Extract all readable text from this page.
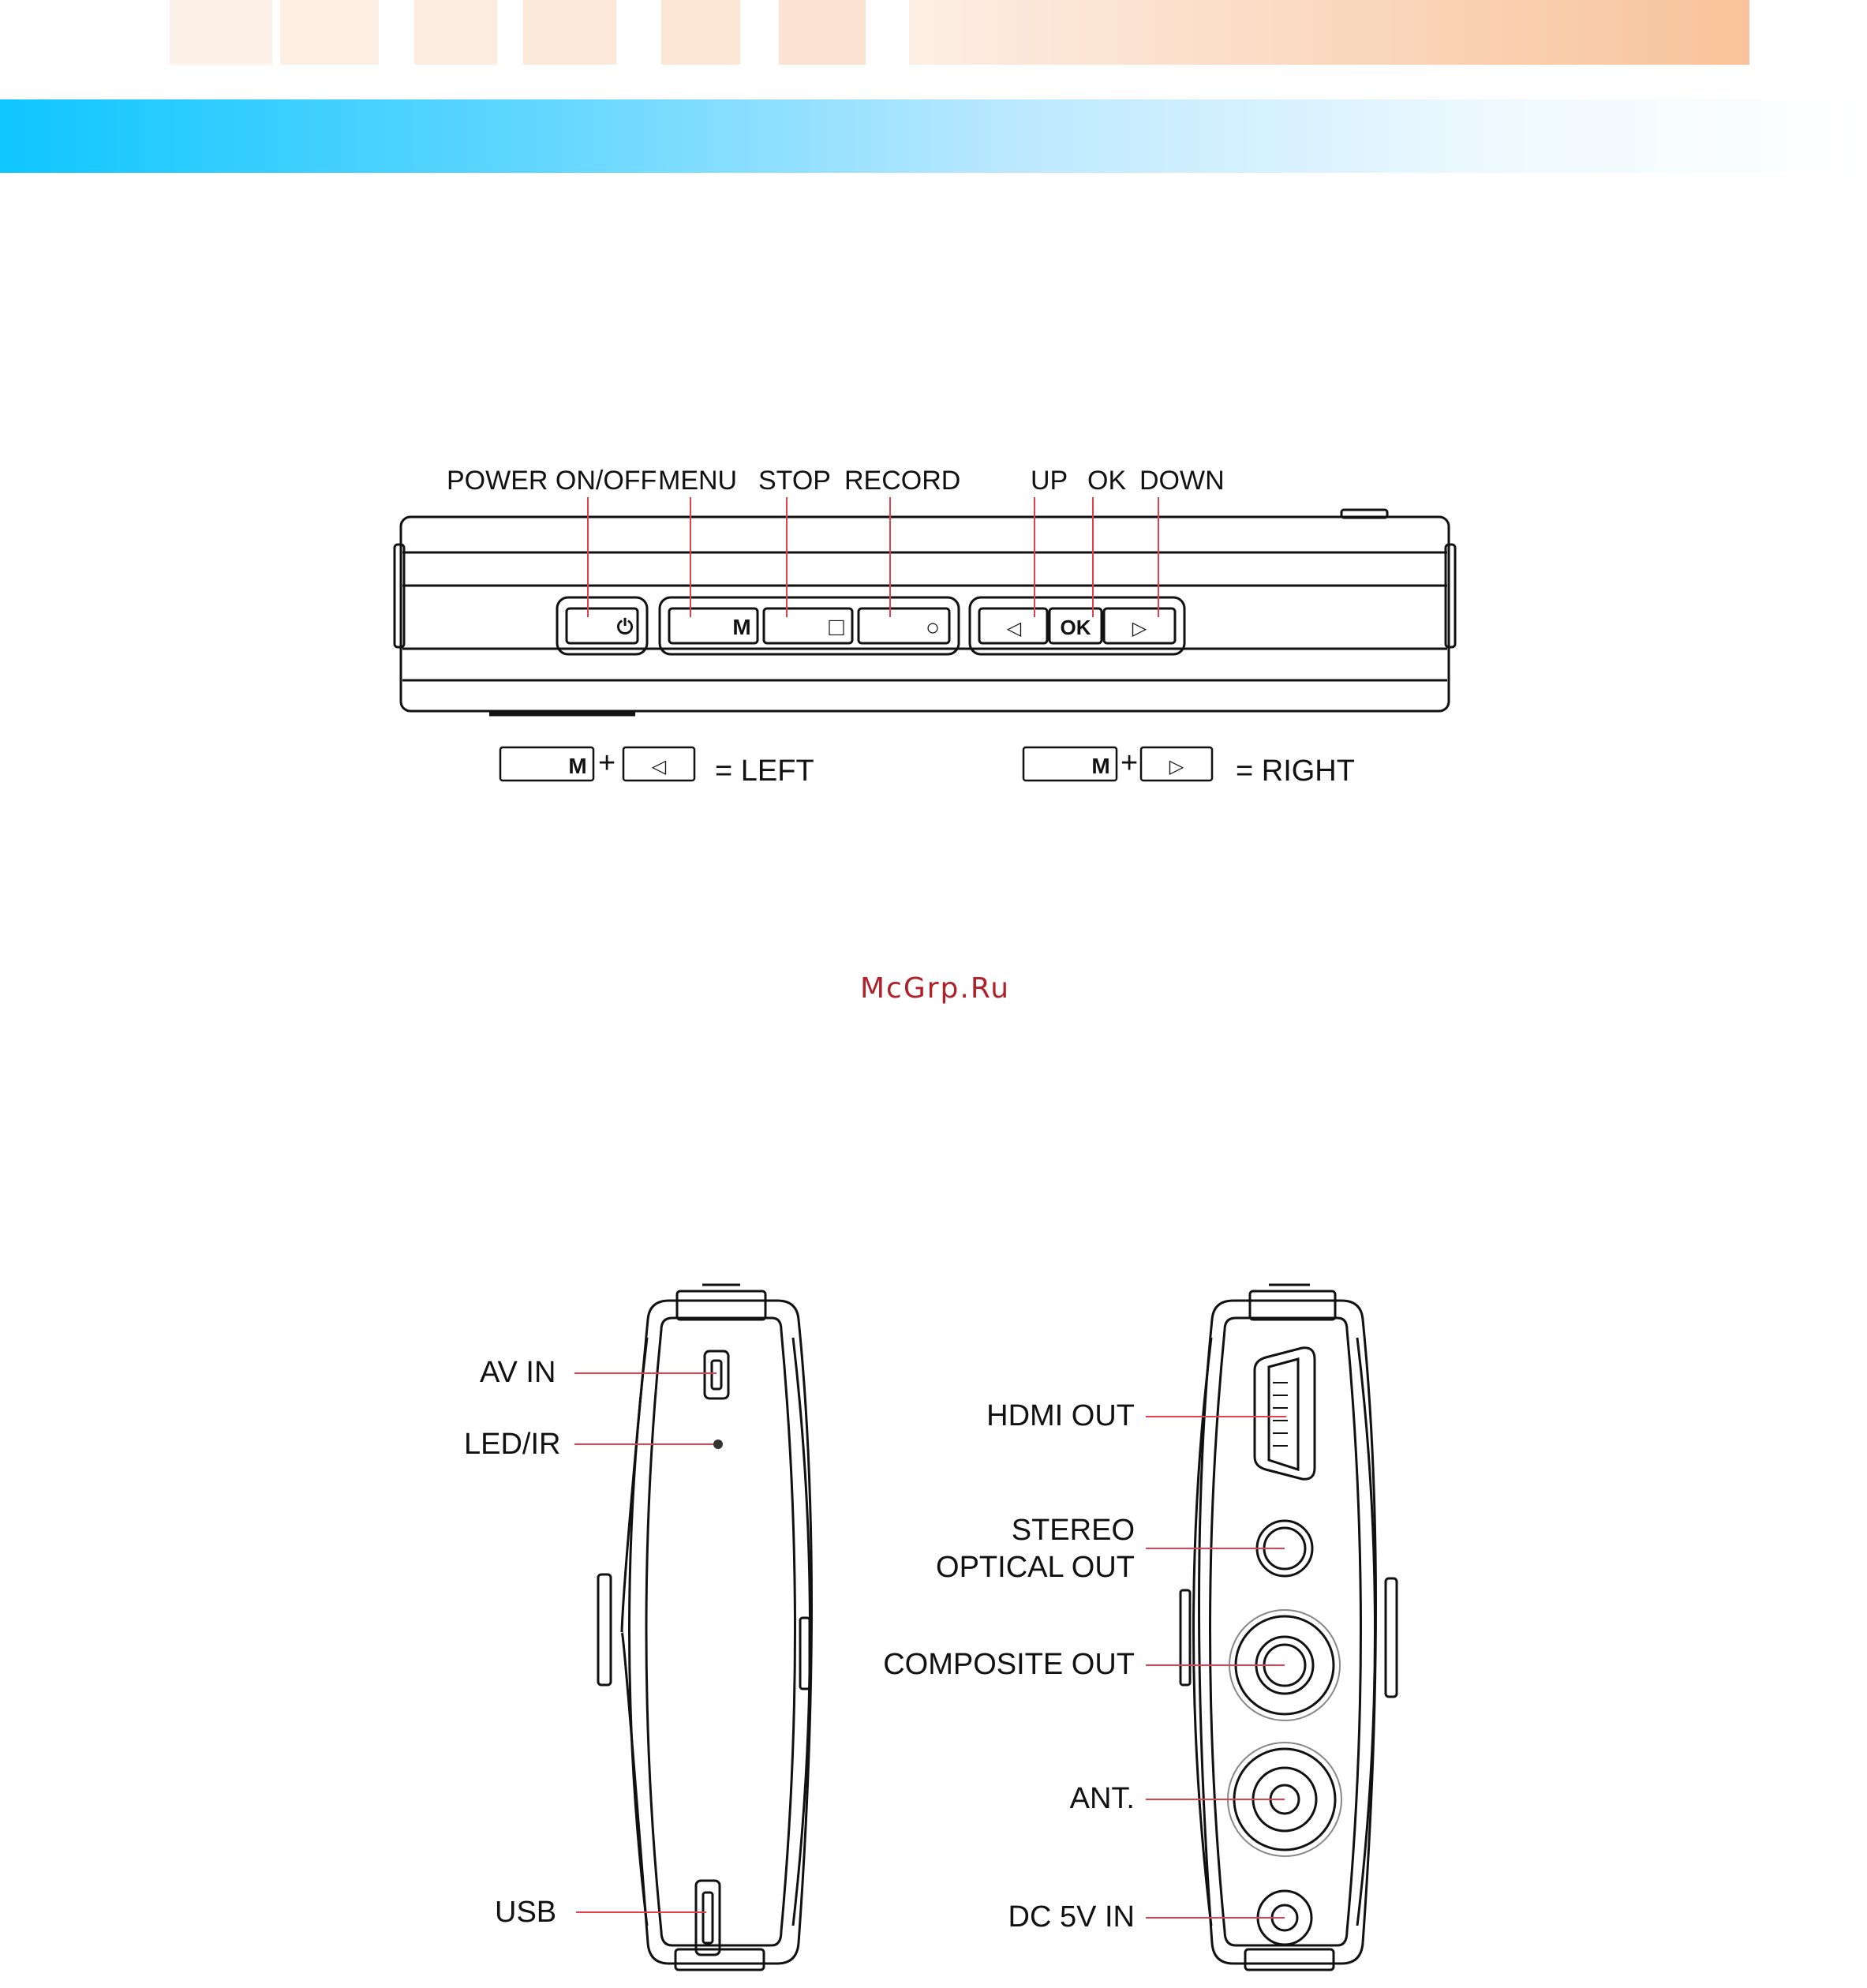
⏻	M	□	○	◁ OK ▷
M	◁	M	▷
POWER ON/OFF MENU STOP RECORD	UP OK DOWN
+	= LEFT	+	= RIGHT
McGrp.Ru
AV IN
LED/IR
USB
HDMI OUT
STEREO
OPTICAL OUT
COMPOSITE OUT
ANT.
DC 5V IN
